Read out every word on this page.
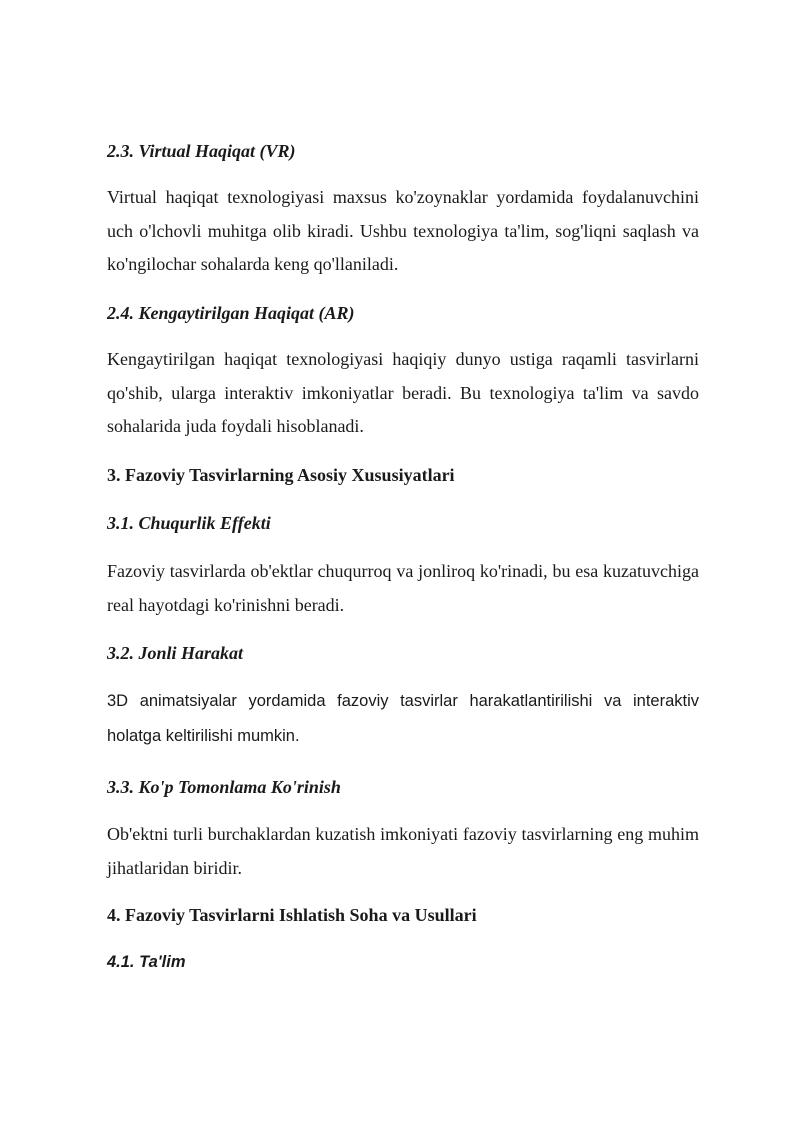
2.3. Virtual Haqiqat (VR)

Virtual haqiqat texnologiyasi maxsus ko'zoynaklar yordamida foydalanuvchini uch o'lchovli muhitga olib kiradi. Ushbu texnologiya ta'lim, sog'liqni saqlash va ko'ngilochar sohalarda keng qo'llaniladi.

2.4. Kengaytirilgan Haqiqat (AR)

Kengaytirilgan haqiqat texnologiyasi haqiqiy dunyo ustiga raqamli tasvirlarni qo'shib, ularga interaktiv imkoniyatlar beradi. Bu texnologiya ta'lim va savdo sohalarida juda foydali hisoblanadi.

3. Fazoviy Tasvirlarning Asosiy Xususiyatlari
3.1. Chuqurlik Effekti

Fazoviy tasvirlarda ob'ektlar chuqurroq va jonliroq ko'rinadi, bu esa kuzatuvchiga real hayotdagi ko'rinishni beradi.

3.2. Jonli Harakat

3D animatsiyalar yordamida fazoviy tasvirlar harakatlantirilishi va interaktiv holatga keltirilishi mumkin.

3.3. Ko'p Tomonlama Ko'rinish

Ob'ektni turli burchaklardan kuzatish imkoniyati fazoviy tasvirlarning eng muhim jihatlaridan biridir.

4. Fazoviy Tasvirlarni Ishlatish Soha va Usullari
4.1. Ta'lim
